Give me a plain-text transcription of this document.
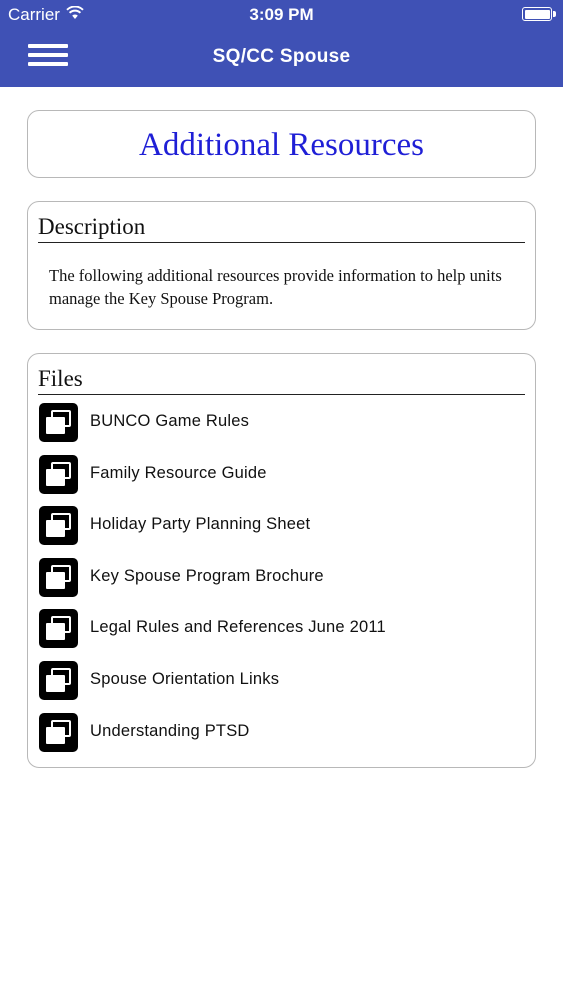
Carrier	3:09 PM
SQ/CC Spouse
Additional Resources
Description
The following additional resources provide information to help units manage the Key Spouse Program.
Files
BUNCO Game Rules
Family Resource Guide
Holiday Party Planning Sheet
Key Spouse Program Brochure
Legal Rules and References June 2011
Spouse Orientation Links
Understanding PTSD
